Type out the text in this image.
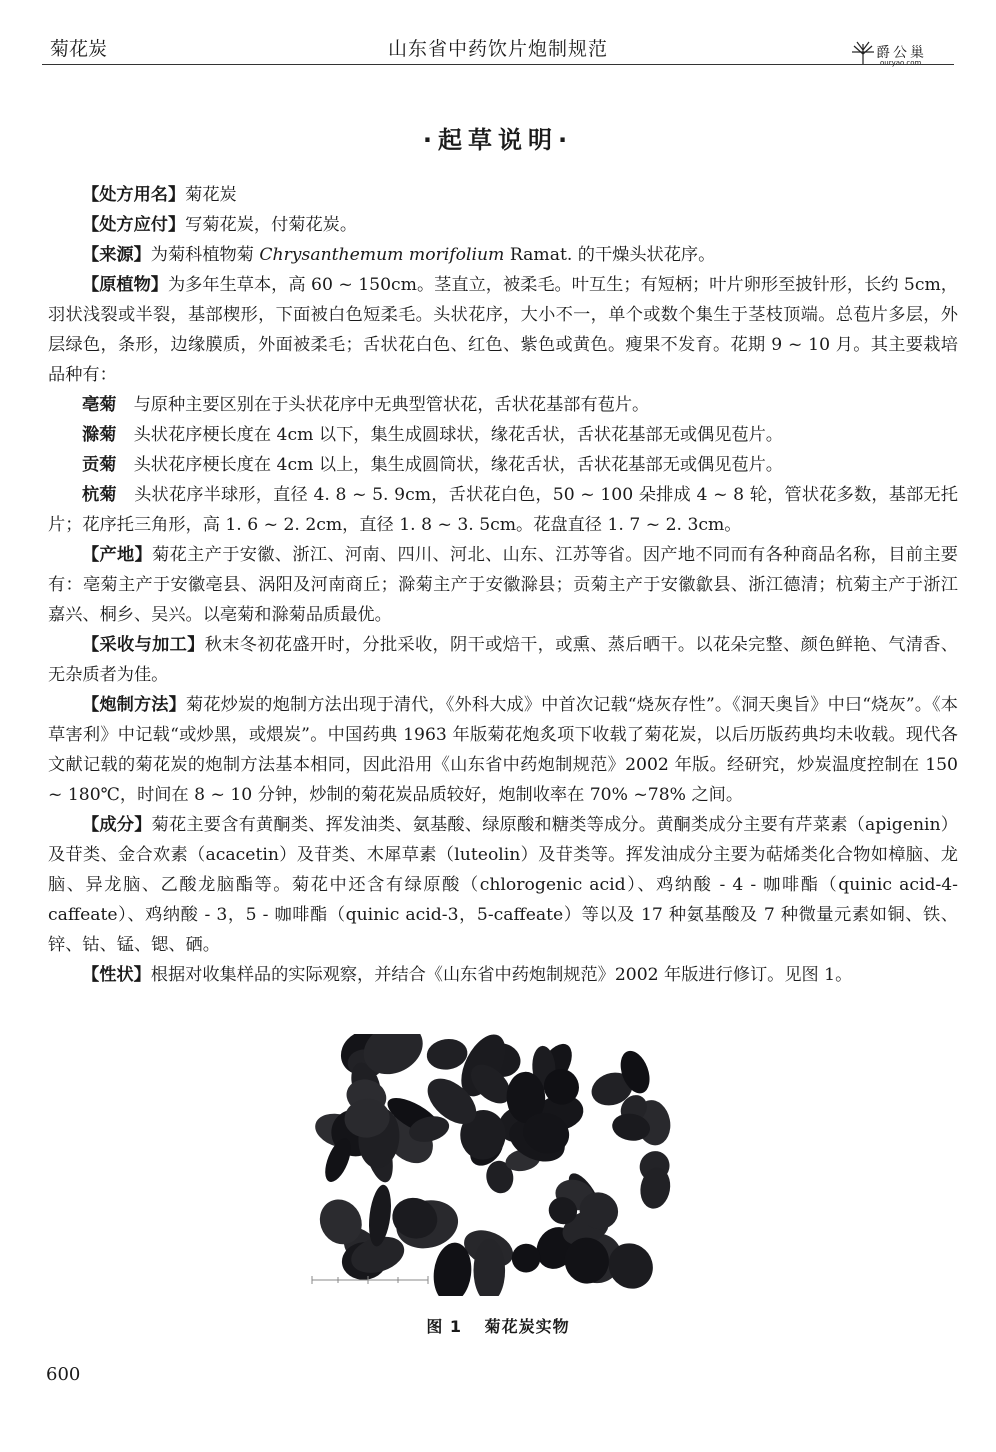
菊花炭	山东省中药饮片炮制规范	爵公巢
ouryao.com
·起草说明·

【处方用名】菊花炭

【处方应付】写菊花炭，付菊花炭。

【来源】为菊科植物菊 Chrysanthemum morifolium Ramat. 的干燥头状花序。

【原植物】为多年生草本，高 60 ~ 150cm。茎直立，被柔毛。叶互生；有短柄；叶片卵形至披针形，长约 5cm，羽状浅裂或半裂，基部楔形，下面被白色短柔毛。头状花序，大小不一，单个或数个集生于茎枝顶端。总苞片多层，外层绿色，条形，边缘膜质，外面被柔毛；舌状花白色、红色、紫色或黄色。瘦果不发育。花期 9 ~ 10 月。其主要栽培品种有：

亳菊　 与原种主要区别在于头状花序中无典型管状花，舌状花基部有苞片。

滁菊　 头状花序梗长度在 4cm 以下，集生成圆球状，缘花舌状，舌状花基部无或偶见苞片。

贡菊　 头状花序梗长度在 4cm 以上，集生成圆筒状，缘花舌状，舌状花基部无或偶见苞片。

杭菊　 头状花序半球形，直径 4. 8 ~ 5. 9cm，舌状花白色，50 ~ 100 朵排成 4 ~ 8 轮，管状花多数，基部无托片；花序托三角形，高 1. 6 ~ 2. 2cm，直径 1. 8 ~ 3. 5cm。花盘直径 1. 7 ~ 2. 3cm。

【产地】菊花主产于安徽、浙江、河南、四川、河北、山东、江苏等省。因产地不同而有各种商品名称，目前主要有：亳菊主产于安徽亳县、涡阳及河南商丘；滁菊主产于安徽滁县；贡菊主产于安徽歙县、浙江德清；杭菊主产于浙江嘉兴、桐乡、吴兴。以亳菊和滁菊品质最优。

【采收与加工】秋末冬初花盛开时，分批采收，阴干或焙干，或熏、蒸后晒干。以花朵完整、颜色鲜艳、气清香、无杂质者为佳。

【炮制方法】菊花炒炭的炮制方法出现于清代，《外科大成》中首次记载“烧灰存性”。《洞天奥旨》中曰“烧灰”。《本草害利》中记载“或炒黑，或煨炭”。中国药典 1963 年版菊花炮炙项下收载了菊花炭，以后历版药典均未收载。现代各文献记载的菊花炭的炮制方法基本相同，因此沿用《山东省中药炮制规范》2002 年版。经研究，炒炭温度控制在 150 ~ 180℃，时间在 8 ~ 10 分钟，炒制的菊花炭品质较好，炮制收率在 70% ~78% 之间。

【成分】菊花主要含有黄酮类、挥发油类、氨基酸、绿原酸和糖类等成分。黄酮类成分主要有芹菜素（apigenin）及苷类、金合欢素（acacetin）及苷类、木犀草素（luteolin）及苷类等。挥发油成分主要为萜烯类化合物如樟脑、龙脑、异龙脑、乙酸龙脑酯等。菊花中还含有绿原酸（chlorogenic acid）、鸡纳酸 - 4 - 咖啡酯（quinic acid-4-caffeate）、鸡纳酸 - 3，5 - 咖啡酯（quinic acid-3，5-caffeate）等以及 17 种氨基酸及 7 种微量元素如铜、铁、锌、钴、锰、锶、硒。

【性状】根据对收集样品的实际观察，并结合《山东省中药炮制规范》2002 年版进行修订。见图 1。

图 1 菊花炭实物
600
